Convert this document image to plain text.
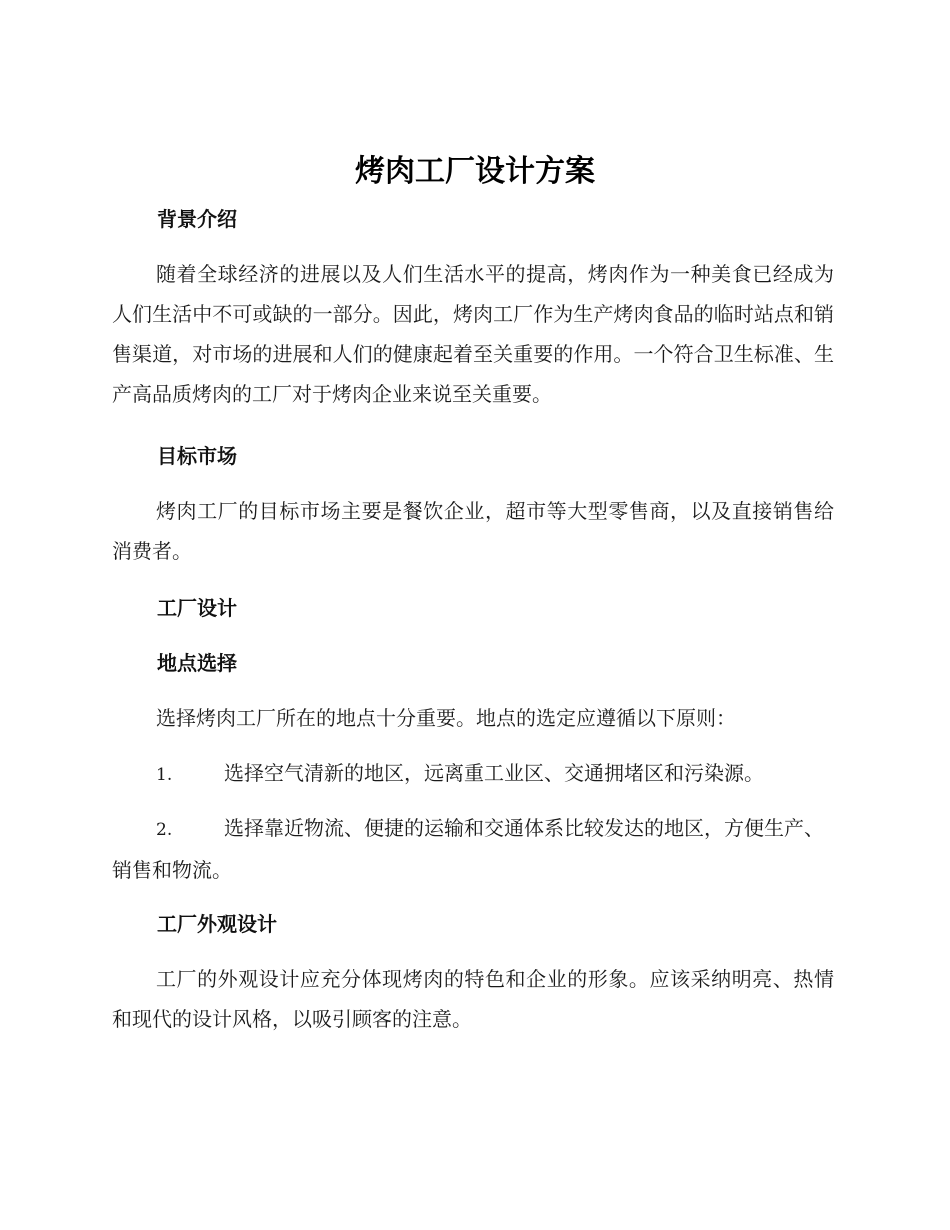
烤肉工厂设计方案
背景介绍

随着全球经济的进展以及人们生活水平的提高，烤肉作为一种美食已经成为人们生活中不可或缺的一部分。因此，烤肉工厂作为生产烤肉食品的临时站点和销售渠道，对市场的进展和人们的健康起着至关重要的作用。一个符合卫生标准、生产高品质烤肉的工厂对于烤肉企业来说至关重要。

目标市场

烤肉工厂的目标市场主要是餐饮企业，超市等大型零售商，以及直接销售给消费者。

工厂设计
地点选择

选择烤肉工厂所在的地点十分重要。地点的选定应遵循以下原则：

1.	选择空气清新的地区，远离重工业区、交通拥堵区和污染源。

2.	选择靠近物流、便捷的运输和交通体系比较发达的地区，方便生产、销售和物流。

工厂外观设计

工厂的外观设计应充分体现烤肉的特色和企业的形象。应该采纳明亮、热情和现代的设计风格，以吸引顾客的注意。
